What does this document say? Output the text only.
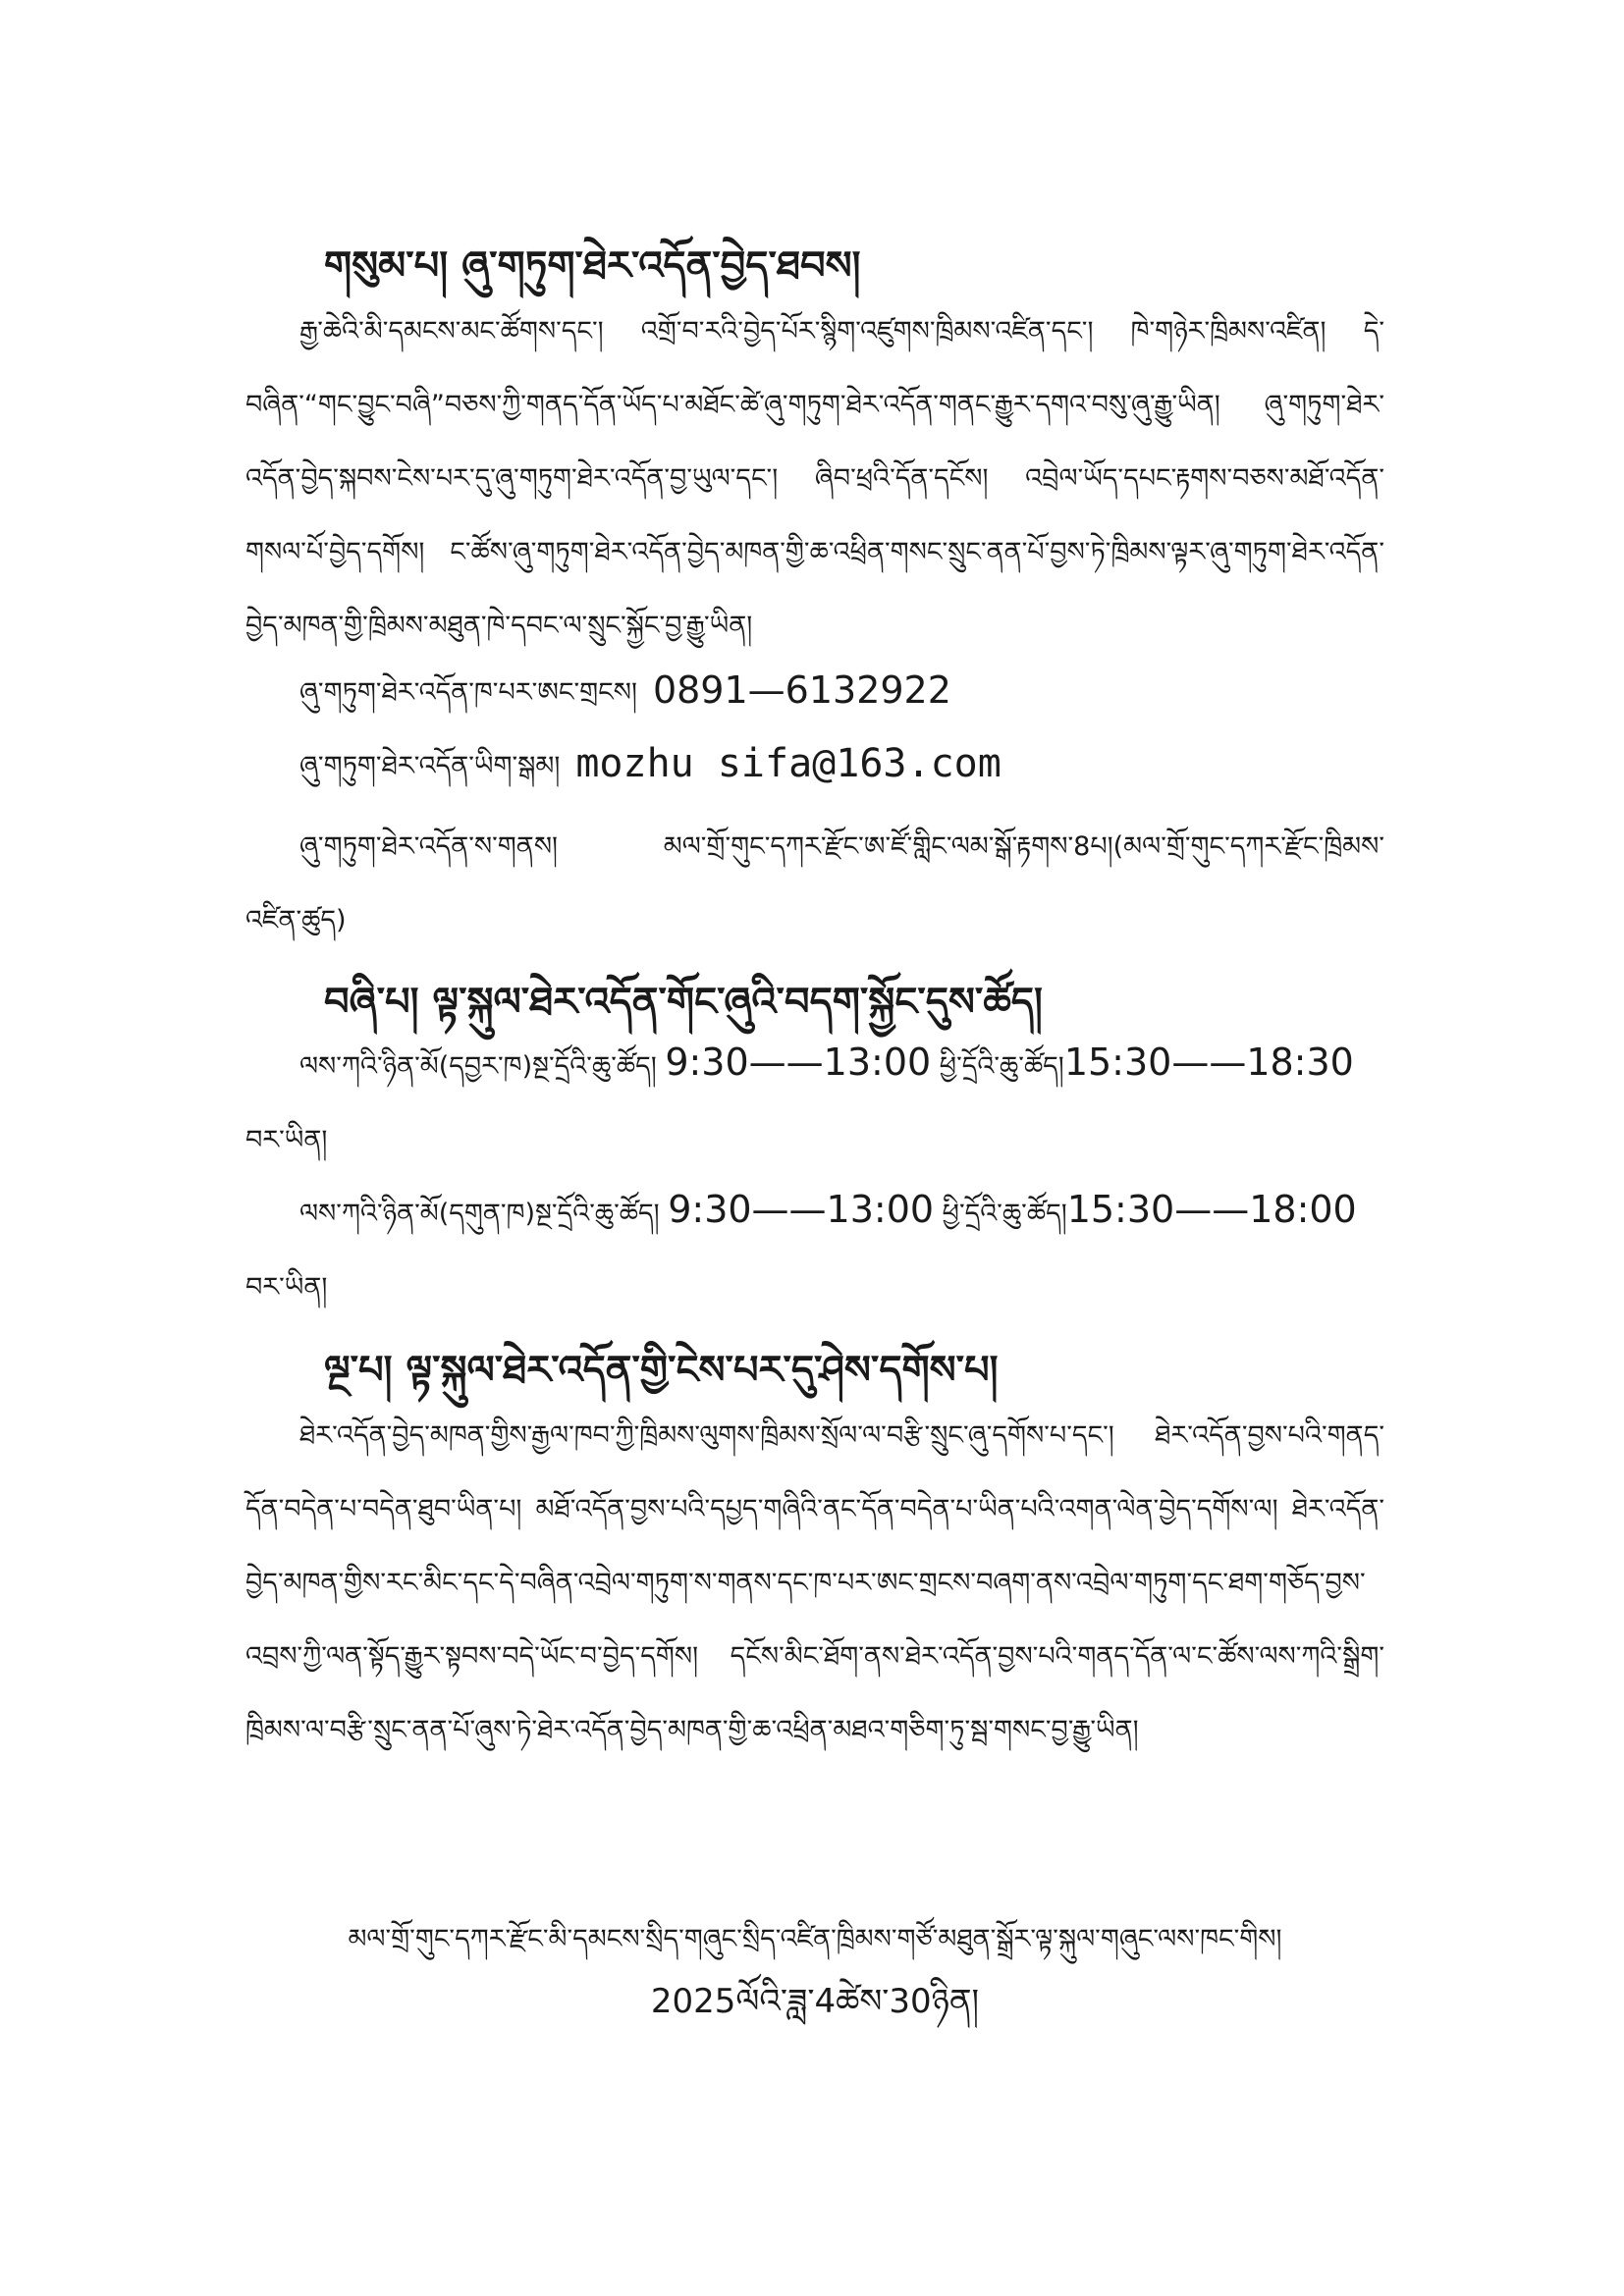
གསུམ་པ། ཞུ་གཏུག་ཐེར་འདོན་བྱེད་ཐབས།
རྒྱ་ཆེའི་མི་དམངས་མང་ཚོགས་དང་། འགྲོ་བ་རའི་བྱེད་པོར་སྙིག་འཛུགས་ཁྲིམས་འཛིན་དང་། ཁེ་གཉེར་ཁྲིམས་འཛིན། དེ་བཞིན་“གང་བྱུང་བཞི”བཅས་ཀྱི་གནད་དོན་ཡོད་པ་མཐོང་ཚེ་ཞུ་གཏུག་ཐེར་འདོན་གནང་རྒྱུར་དགའ་བསུ་ཞུ་རྒྱུ་ཡིན། ཞུ་གཏུག་ཐེར་འདོན་བྱེད་སྐབས་ངེས་པར་དུ་ཞུ་གཏུག་ཐེར་འདོན་བྱ་ཡུལ་དང་། ཞིབ་ཕྲའི་དོན་དངོས། འབྲེལ་ཡོད་དཔང་རྟགས་བཅས་མཐོ་འདོན་གསལ་པོ་བྱེད་དགོས། ང་ཚོས་ཞུ་གཏུག་ཐེར་འདོན་བྱེད་མཁན་གྱི་ཆ་འཕྲིན་གསང་སྲུང་ནན་པོ་བྱས་ཏེ་ཁྲིམས་ལྟར་ཞུ་གཏུག་ཐེར་འདོན་བྱེད་མཁན་གྱི་ཁྲིམས་མཐུན་ཁེ་དབང་ལ་སྲུང་སྐྱོང་བྱ་རྒྱུ་ཡིན།
ཞུ་གཏུག་ཐེར་འདོན་ཁ་པར་ཨང་གྲངས། 0891—6132922
ཞུ་གཏུག་ཐེར་འདོན་ཡིག་སྒམ། mozhu sifa@163.com
ཞུ་གཏུག་ཐེར་འདོན་ས་གནས།	མལ་གྲོ་གུང་དཀར་རྫོང་ཨ་ཛོ་གླིང་ལམ་སྒོ་རྟགས་8པ།(མལ་གྲོ་གུང་དཀར་རྫོང་ཁྲིམས་འཛིན་ཚུད)
བཞི་པ། ལྟ་སྐུལ་ཐེར་འདོན་གོང་ཞུའི་བདག་སྐྱོང་དུས་ཚོད།
ལས་ཀའི་ཉིན་མོ(དབྱར་ཁ)སྔ་དྲོའི་ཆུ་ཚོད། 9:30——13:00 ཕྱི་དྲོའི་ཆུ་ཚོད།15:30——18:30 བར་ཡིན།
ལས་ཀའི་ཉིན་མོ(དགུན་ཁ)སྔ་དྲོའི་ཆུ་ཚོད། 9:30——13:00 ཕྱི་དྲོའི་ཆུ་ཚོད།15:30——18:00 བར་ཡིན།
ལྔ་པ། ལྟ་སྐུལ་ཐེར་འདོན་གྱི་ངེས་པར་དུ་ཤེས་དགོས་པ།
ཐེར་འདོན་བྱེད་མཁན་གྱིས་རྒྱལ་ཁབ་ཀྱི་ཁྲིམས་ལུགས་ཁྲིམས་སྲོལ་ལ་བརྩི་སྲུང་ཞུ་དགོས་པ་དང་། ཐེར་འདོན་བྱས་པའི་གནད་དོན་བདེན་པ་བདེན་ཐུབ་ཡིན་པ། མཐོ་འདོན་བྱས་པའི་དཔྱད་གཞིའི་ནང་དོན་བདེན་པ་ཡིན་པའི་འགན་ལེན་བྱེད་དགོས་ལ། ཐེར་འདོན་བྱེད་མཁན་གྱིས་རང་མིང་དང་དེ་བཞིན་འབྲེལ་གཏུག་ས་གནས་དང་ཁ་པར་ཨང་གྲངས་བཞག་ནས་འབྲེལ་གཏུག་དང་ཐག་གཅོད་བྱས་འབྲས་ཀྱི་ལན་སྟོད་རྒྱུར་སྟབས་བདེ་ཡོང་བ་བྱེད་དགོས། དངོས་མིང་ཐོག་ནས་ཐེར་འདོན་བྱས་པའི་གནད་དོན་ལ་ང་ཚོས་ལས་ཀའི་སྒྲིག་ཁྲིམས་ལ་བརྩི་སྲུང་ནན་པོ་ཞུས་ཏེ་ཐེར་འདོན་བྱེད་མཁན་གྱི་ཆ་འཕྲིན་མཐའ་གཅིག་ཏུ་སྦ་གསང་བྱ་རྒྱུ་ཡིན།
མལ་གྲོ་གུང་དཀར་རྫོང་མི་དམངས་སྲིད་གཞུང་སྲིད་འཛིན་ཁྲིམས་གཙོ་མཐུན་སྒྲོར་ལྟ་སྐུལ་གཞུང་ལས་ཁང་གིས།
2025ལོའི་ཟླ་4ཚེས་30ཉིན།
